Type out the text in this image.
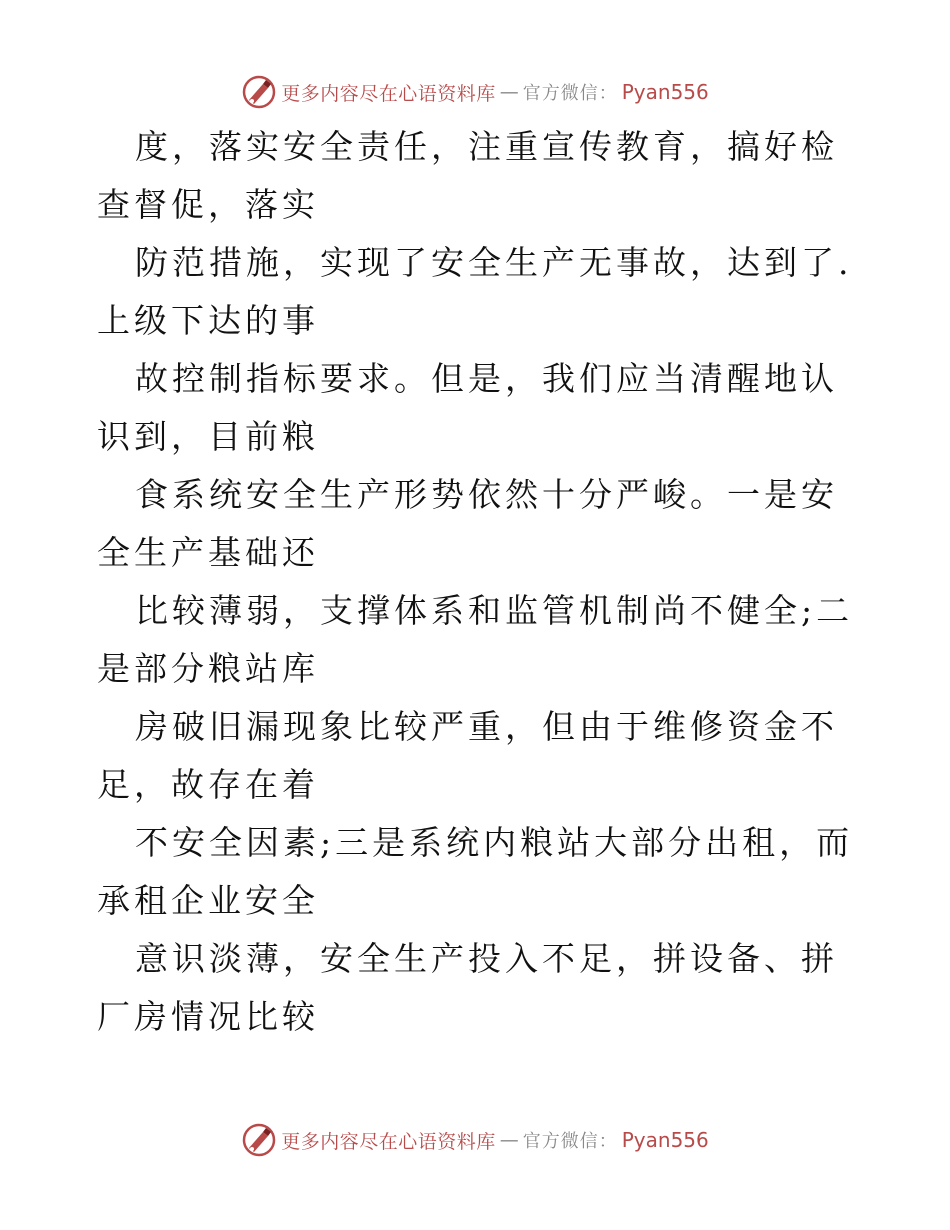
更多内容尽在心语资料库 — 官方微信： Pyan556

度，落实安全责任，注重宣传教育，搞好检查督促，落实

防范措施，实现了安全生产无事故，达到了.上级下达的事

故控制指标要求。但是，我们应当清醒地认识到，目前粮

食系统安全生产形势依然十分严峻。一是安全生产基础还

比较薄弱，支撑体系和监管机制尚不健全;二是部分粮站库

房破旧漏现象比较严重，但由于维修资金不足，故存在着

不安全因素;三是系统内粮站大部分出租，而承租企业安全

意识淡薄，安全生产投入不足，拼设备、拼厂房情况比较

更多内容尽在心语资料库 — 官方微信： Pyan556
